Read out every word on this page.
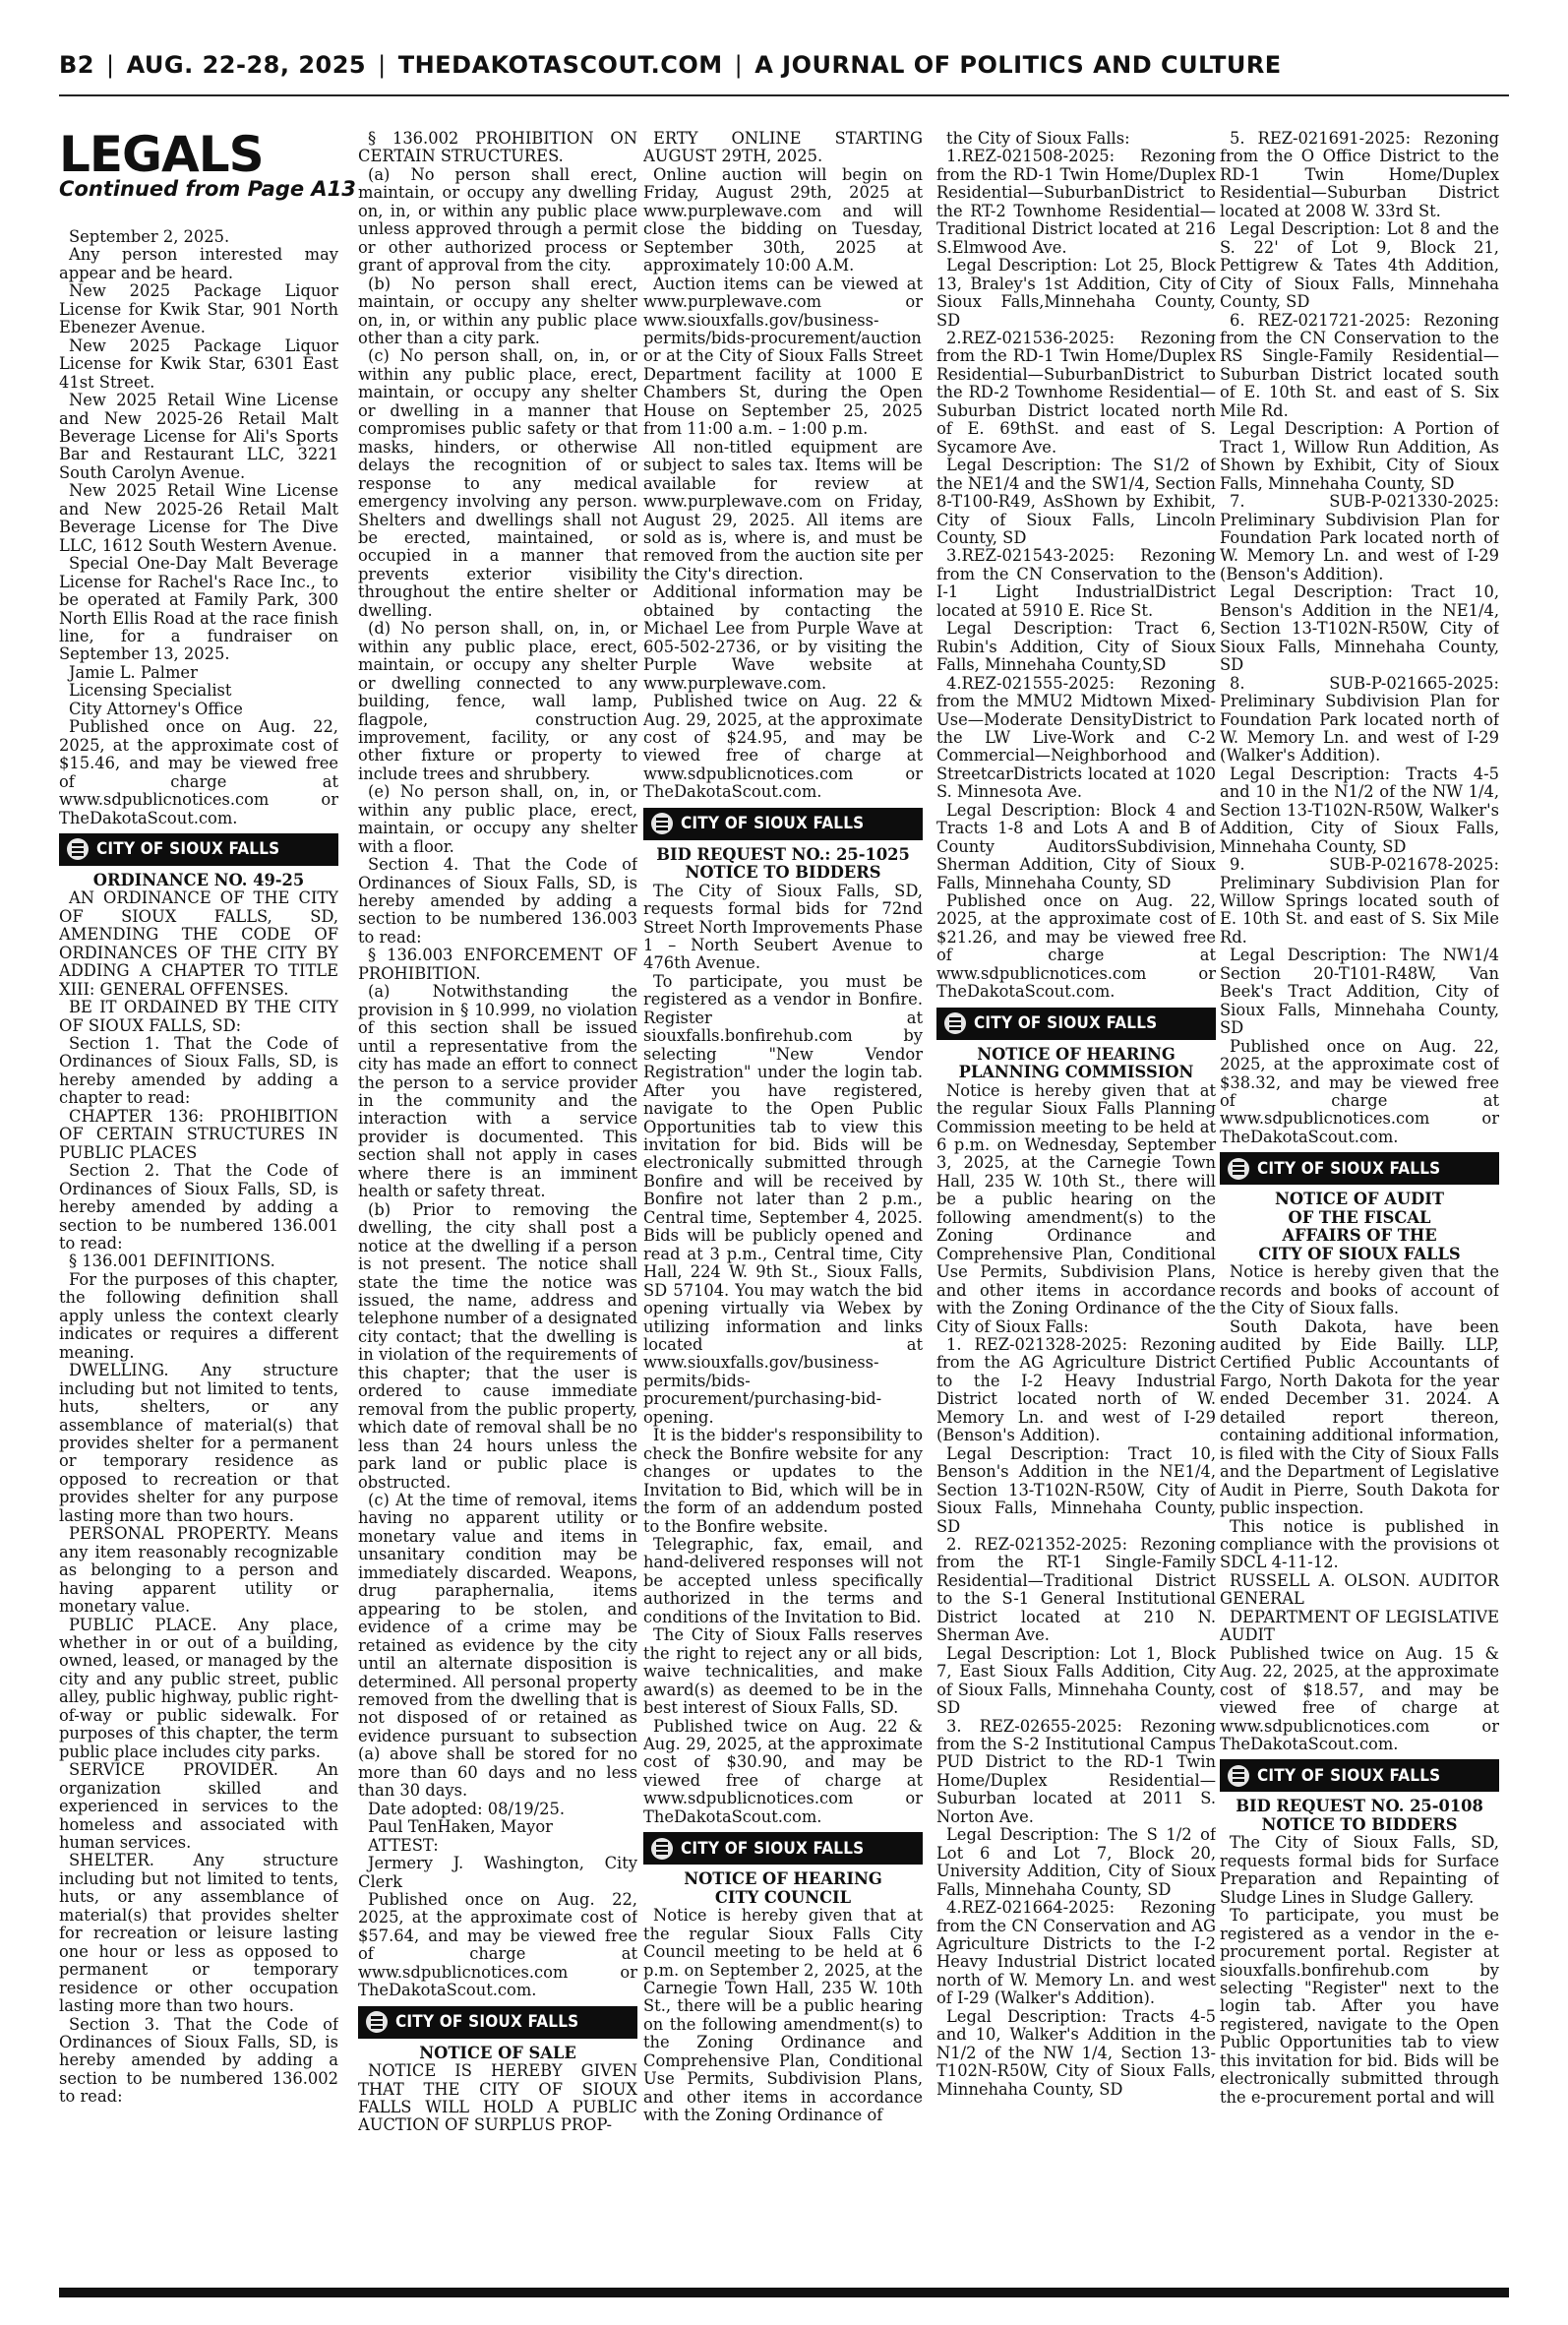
B2 | AUG. 22-28, 2025 | THEDAKOTASCOUT.COM | A JOURNAL OF POLITICS AND CULTURE
LEGALS
Continued from Page A13

September 2, 2025.

Any person interested may appear and be heard.

New 2025 Package Liquor License for Kwik Star, 901 North Ebenezer Avenue.

New 2025 Package Liquor License for Kwik Star, 6301 East 41st Street.

New 2025 Retail Wine License and New 2025-26 Retail Malt Beverage License for Ali's Sports Bar and Restaurant LLC, 3221 South Carolyn Avenue.

New 2025 Retail Wine License and New 2025-26 Retail Malt Beverage License for The Dive LLC, 1612 South Western Avenue.

Special One-Day Malt Beverage License for Rachel's Race Inc., to be operated at Family Park, 300 North Ellis Road at the race finish line, for a fundraiser on September 13, 2025.

Jamie L. Palmer

Licensing Specialist

City Attorney's Office

Published once on Aug. 22, 2025, at the approximate cost of $15.46, and may be viewed free of charge at www.sdpublicnotices.com or TheDakotaScout.com.

CITY OF SIOUX FALLS
ORDINANCE NO. 49-25

AN ORDINANCE OF THE CITY OF SIOUX FALLS, SD, AMENDING THE CODE OF ORDINANCES OF THE CITY BY ADDING A CHAPTER TO TITLE XIII: GENERAL OFFENSES.

BE IT ORDAINED BY THE CITY OF SIOUX FALLS, SD:

Section 1. That the Code of Ordinances of Sioux Falls, SD, is hereby amended by adding a chapter to read:

CHAPTER 136: PROHIBITION OF CERTAIN STRUCTURES IN PUBLIC PLACES

Section 2. That the Code of Ordinances of Sioux Falls, SD, is hereby amended by adding a section to be numbered 136.001 to read:

§ 136.001 DEFINITIONS.

For the purposes of this chapter, the following definition shall apply unless the context clearly indicates or requires a different meaning.

DWELLING. Any structure including but not limited to tents, huts, shelters, or any assemblance of material(s) that provides shelter for a permanent or temporary residence as opposed to recreation or that provides shelter for any purpose lasting more than two hours.

PERSONAL PROPERTY. Means any item reasonably recognizable as belonging to a person and having apparent utility or monetary value.

PUBLIC PLACE. Any place, whether in or out of a building, owned, leased, or managed by the city and any public street, public alley, public highway, public right-of-way or public sidewalk. For purposes of this chapter, the term public place includes city parks.

SERVICE PROVIDER. An organization skilled and experienced in services to the homeless and associated with human services.

SHELTER. Any structure including but not limited to tents, huts, or any assemblance of material(s) that provides shelter for recreation or leisure lasting one hour or less as opposed to permanent or temporary residence or other occupation lasting more than two hours.

Section 3. That the Code of Ordinances of Sioux Falls, SD, is hereby amended by adding a section to be numbered 136.002 to read:

§ 136.002 PROHIBITION ON CERTAIN STRUCTURES.

(a) No person shall erect, maintain, or occupy any dwelling on, in, or within any public place unless approved through a permit or other authorized process or grant of approval from the city.

(b) No person shall erect, maintain, or occupy any shelter on, in, or within any public place other than a city park.

(c) No person shall, on, in, or within any public place, erect, maintain, or occupy any shelter or dwelling in a manner that compromises public safety or that masks, hinders, or otherwise delays the recognition of or response to any medical emergency involving any person. Shelters and dwellings shall not be erected, maintained, or occupied in a manner that prevents exterior visibility throughout the entire shelter or dwelling.

(d) No person shall, on, in, or within any public place, erect, maintain, or occupy any shelter or dwelling connected to any building, fence, wall lamp, flagpole, construction improvement, facility, or any other fixture or property to include trees and shrubbery.

(e) No person shall, on, in, or within any public place, erect, maintain, or occupy any shelter with a floor.

Section 4. That the Code of Ordinances of Sioux Falls, SD, is hereby amended by adding a section to be numbered 136.003 to read:

§ 136.003 ENFORCEMENT OF PROHIBITION.

(a) Notwithstanding the provision in § 10.999, no violation of this section shall be issued until a representative from the city has made an effort to connect the person to a service provider in the community and the interaction with a service provider is documented. This section shall not apply in cases where there is an imminent health or safety threat.

(b) Prior to removing the dwelling, the city shall post a notice at the dwelling if a person is not present. The notice shall state the time the notice was issued, the name, address and telephone number of a designated city contact; that the dwelling is in violation of the requirements of this chapter; that the user is ordered to cause immediate removal from the public property, which date of removal shall be no less than 24 hours unless the park land or public place is obstructed.

(c) At the time of removal, items having no apparent utility or monetary value and items in unsanitary condition may be immediately discarded. Weapons, drug paraphernalia, items appearing to be stolen, and evidence of a crime may be retained as evidence by the city until an alternate disposition is determined. All personal property removed from the dwelling that is not disposed of or retained as evidence pursuant to subsection (a) above shall be stored for no more than 60 days and no less than 30 days.

Date adopted: 08/19/25.

Paul TenHaken, Mayor

ATTEST:

Jermery J. Washington, City Clerk

Published once on Aug. 22, 2025, at the approximate cost of $57.64, and may be viewed free of charge at www.sdpublicnotices.com or TheDakotaScout.com.

CITY OF SIOUX FALLS
NOTICE OF SALE

NOTICE IS HEREBY GIVEN THAT THE CITY OF SIOUX FALLS WILL HOLD A PUBLIC AUCTION OF SURPLUS PROP-

ERTY ONLINE STARTING AUGUST 29TH, 2025.

Online auction will begin on Friday, August 29th, 2025 at www.purplewave.com and will close the bidding on Tuesday, September 30th, 2025 at approximately 10:00 A.M.

Auction items can be viewed at www.purplewave.com or www.siouxfalls.gov/business-permits/bids-procurement/auction or at the City of Sioux Falls Street Department facility at 1000 E Chambers St, during the Open House on September 25, 2025 from 11:00 a.m. – 1:00 p.m.

All non-titled equipment are subject to sales tax. Items will be available for review at www.purplewave.com on Friday, August 29, 2025. All items are sold as is, where is, and must be removed from the auction site per the City's direction.

Additional information may be obtained by contacting the Michael Lee from Purple Wave at 605-502-2736, or by visiting the Purple Wave website at www.purplewave.com.

Published twice on Aug. 22 & Aug. 29, 2025, at the approximate cost of $24.95, and may be viewed free of charge at www.sdpublicnotices.com or TheDakotaScout.com.

CITY OF SIOUX FALLS
BID REQUEST NO.: 25-1025
NOTICE TO BIDDERS

The City of Sioux Falls, SD, requests formal bids for 72nd Street North Improvements Phase 1 – North Seubert Avenue to 476th Avenue.

To participate, you must be registered as a vendor in Bonfire. Register at siouxfalls.bonfirehub.com by selecting "New Vendor Registration" under the login tab. After you have registered, navigate to the Open Public Opportunities tab to view this invitation for bid. Bids will be electronically submitted through Bonfire and will be received by Bonfire not later than 2 p.m., Central time, September 4, 2025. Bids will be publicly opened and read at 3 p.m., Central time, City Hall, 224 W. 9th St., Sioux Falls, SD 57104. You may watch the bid opening virtually via Webex by utilizing information and links located at www.siouxfalls.gov/business-permits/bids-procurement/purchasing-bid-opening.

It is the bidder's responsibility to check the Bonfire website for any changes or updates to the Invitation to Bid, which will be in the form of an addendum posted to the Bonfire website.

Telegraphic, fax, email, and hand-delivered responses will not be accepted unless specifically authorized in the terms and conditions of the Invitation to Bid.

The City of Sioux Falls reserves the right to reject any or all bids, waive technicalities, and make award(s) as deemed to be in the best interest of Sioux Falls, SD.

Published twice on Aug. 22 & Aug. 29, 2025, at the approximate cost of $30.90, and may be viewed free of charge at www.sdpublicnotices.com or TheDakotaScout.com.

CITY OF SIOUX FALLS
NOTICE OF HEARING
CITY COUNCIL

Notice is hereby given that at the regular Sioux Falls City Council meeting to be held at 6 p.m. on September 2, 2025, at the Carnegie Town Hall, 235 W. 10th St., there will be a public hearing on the following amendment(s) to the Zoning Ordinance and Comprehensive Plan, Conditional Use Permits, Subdivision Plans, and other items in accordance with the Zoning Ordinance of

the City of Sioux Falls:

1.REZ-021508-2025: Rezoning from the RD-1 Twin Home/Duplex Residential—SuburbanDistrict to the RT-2 Townhome Residential—Traditional District located at 216 S.Elmwood Ave.

Legal Description: Lot 25, Block 13, Braley's 1st Addition, City of Sioux Falls,Minnehaha County, SD

2.REZ-021536-2025: Rezoning from the RD-1 Twin Home/Duplex Residential—SuburbanDistrict to the RD-2 Townhome Residential—Suburban District located north of E. 69thSt. and east of S. Sycamore Ave.

Legal Description: The S1/2 of the NE1/4 and the SW1/4, Section 8-T100-R49, AsShown by Exhibit, City of Sioux Falls, Lincoln County, SD

3.REZ-021543-2025: Rezoning from the CN Conservation to the I-1 Light IndustrialDistrict located at 5910 E. Rice St.

Legal Description: Tract 6, Rubin's Addition, City of Sioux Falls, Minnehaha County,SD

4.REZ-021555-2025: Rezoning from the MMU2 Midtown Mixed-Use—Moderate DensityDistrict to the LW Live-Work and C-2 Commercial—Neighborhood and StreetcarDistricts located at 1020 S. Minnesota Ave.

Legal Description: Block 4 and Tracts 1-8 and Lots A and B of County AuditorsSubdivision, Sherman Addition, City of Sioux Falls, Minnehaha County, SD

Published once on Aug. 22, 2025, at the approximate cost of $21.26, and may be viewed free of charge at www.sdpublicnotices.com or TheDakotaScout.com.

CITY OF SIOUX FALLS
NOTICE OF HEARING
PLANNING COMMISSION

Notice is hereby given that at the regular Sioux Falls Planning Commission meeting to be held at 6 p.m. on Wednesday, September 3, 2025, at the Carnegie Town Hall, 235 W. 10th St., there will be a public hearing on the following amendment(s) to the Zoning Ordinance and Comprehensive Plan, Conditional Use Permits, Subdivision Plans, and other items in accordance with the Zoning Ordinance of the City of Sioux Falls:

1. REZ-021328-2025: Rezoning from the AG Agriculture District to the I-2 Heavy Industrial District located north of W. Memory Ln. and west of I-29 (Benson's Addition).

Legal Description: Tract 10, Benson's Addition in the NE1/4, Section 13-T102N-R50W, City of Sioux Falls, Minnehaha County, SD

2. REZ-021352-2025: Rezoning from the RT-1 Single-Family Residential—Traditional District to the S-1 General Institutional District located at 210 N. Sherman Ave.

Legal Description: Lot 1, Block 7, East Sioux Falls Addition, City of Sioux Falls, Minnehaha County, SD

3. REZ-02655-2025: Rezoning from the S-2 Institutional Campus PUD District to the RD-1 Twin Home/Duplex Residential—Suburban located at 2011 S. Norton Ave.

Legal Description: The S 1/2 of Lot 6 and Lot 7, Block 20, University Addition, City of Sioux Falls, Minnehaha County, SD

4.REZ-021664-2025: Rezoning from the CN Conservation and AG Agriculture Districts to the I-2 Heavy Industrial District located north of W. Memory Ln. and west of I-29 (Walker's Addition).

Legal Description: Tracts 4-5 and 10, Walker's Addition in the N1/2 of the NW 1/4, Section 13-T102N-R50W, City of Sioux Falls, Minnehaha County, SD

5. REZ-021691-2025: Rezoning from the O Office District to the RD-1 Twin Home/Duplex Residential—Suburban District located at 2008 W. 33rd St.

Legal Description: Lot 8 and the S. 22' of Lot 9, Block 21, Pettigrew & Tates 4th Addition, City of Sioux Falls, Minnehaha County, SD

6. REZ-021721-2025: Rezoning from the CN Conservation to the RS Single-Family Residential—Suburban District located south of E. 10th St. and east of S. Six Mile Rd.

Legal Description: A Portion of Tract 1, Willow Run Addition, As Shown by Exhibit, City of Sioux Falls, Minnehaha County, SD

7. SUB-P-021330-2025: Preliminary Subdivision Plan for Foundation Park located north of W. Memory Ln. and west of I-29 (Benson's Addition).

Legal Description: Tract 10, Benson's Addition in the NE1/4, Section 13-T102N-R50W, City of Sioux Falls, Minnehaha County, SD

8. SUB-P-021665-2025: Preliminary Subdivision Plan for Foundation Park located north of W. Memory Ln. and west of I-29 (Walker's Addition).

Legal Description: Tracts 4-5 and 10 in the N1/2 of the NW 1/4, Section 13-T102N-R50W, Walker's Addition, City of Sioux Falls, Minnehaha County, SD

9. SUB-P-021678-2025: Preliminary Subdivision Plan for Willow Springs located south of E. 10th St. and east of S. Six Mile Rd.

Legal Description: The NW1/4 Section 20-T101-R48W, Van Beek's Tract Addition, City of Sioux Falls, Minnehaha County, SD

Published once on Aug. 22, 2025, at the approximate cost of $38.32, and may be viewed free of charge at www.sdpublicnotices.com or TheDakotaScout.com.

CITY OF SIOUX FALLS
NOTICE OF AUDIT
OF THE FISCAL
AFFAIRS OF THE
CITY OF SIOUX FALLS

Notice is hereby given that the records and books of account of the City of Sioux falls.

South Dakota, have been audited by Eide Bailly. LLP, Certified Public Accountants of Fargo, North Dakota for the year ended December 31. 2024. A detailed report thereon, containing additional information, is filed with the City of Sioux Falls and the Department of Legislative Audit in Pierre, South Dakota for public inspection.

This notice is published in compliance with the provisions ot SDCL 4-11-12.

RUSSELL A. OLSON. AUDITOR GENERAL

DEPARTMENT OF LEGISLATIVE AUDIT

Published twice on Aug. 15 & Aug. 22, 2025, at the approximate cost of $18.57, and may be viewed free of charge at www.sdpublicnotices.com or TheDakotaScout.com.

CITY OF SIOUX FALLS
BID REQUEST NO. 25-0108
NOTICE TO BIDDERS

The City of Sioux Falls, SD, requests formal bids for Surface Preparation and Repainting of Sludge Lines in Sludge Gallery.

To participate, you must be registered as a vendor in the e-procurement portal. Register at siouxfalls.bonfirehub.com by selecting "Register" next to the login tab. After you have registered, navigate to the Open Public Opportunities tab to view this invitation for bid. Bids will be electronically submitted through the e-procurement portal and will
